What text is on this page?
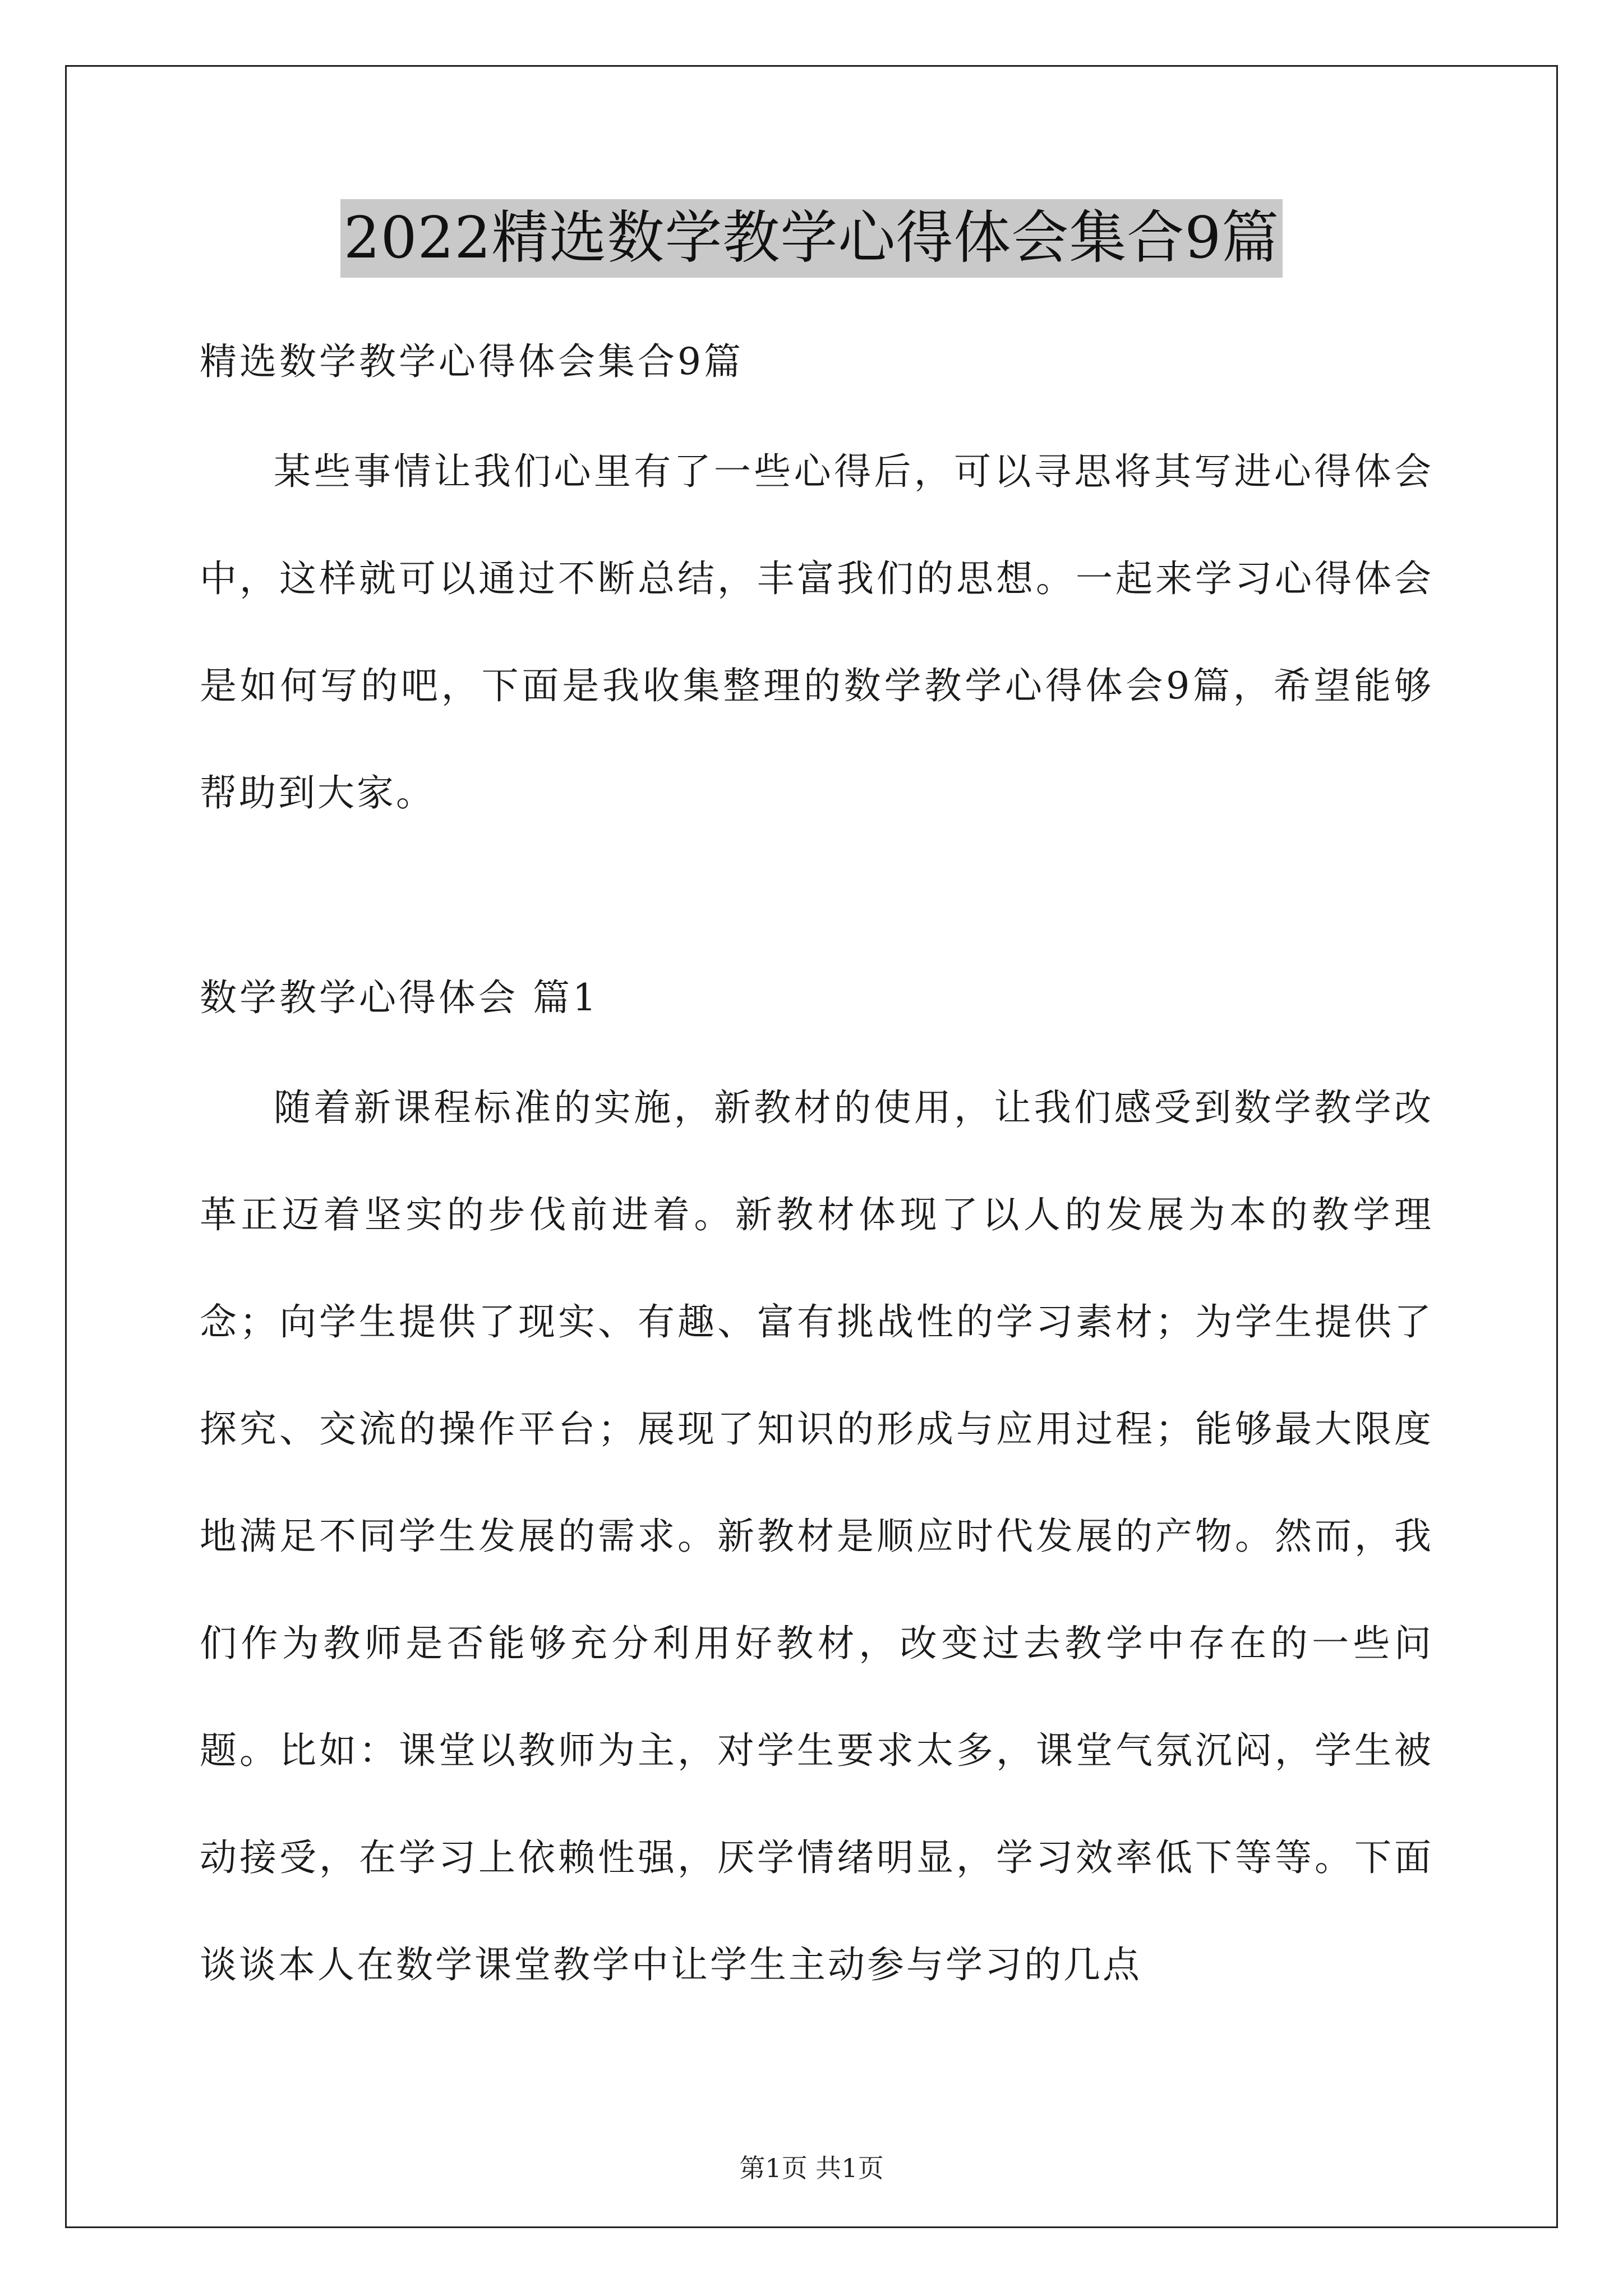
2022精选数学教学心得体会集合9篇
精选数学教学心得体会集合9篇

某些事情让我们心里有了一些心得后，可以寻思将其写进心得体会中，这样就可以通过不断总结，丰富我们的思想。一起来学习心得体会是如何写的吧，下面是我收集整理的数学教学心得体会9篇，希望能够帮助到大家。

数学教学心得体会 篇1

随着新课程标准的实施，新教材的使用，让我们感受到数学教学改革正迈着坚实的步伐前进着。新教材体现了以人的发展为本的教学理念；向学生提供了现实、有趣、富有挑战性的学习素材；为学生提供了探究、交流的操作平台；展现了知识的形成与应用过程；能够最大限度地满足不同学生发展的需求。新教材是顺应时代发展的产物。然而，我们作为教师是否能够充分利用好教材，改变过去教学中存在的一些问题。比如：课堂以教师为主，对学生要求太多，课堂气氛沉闷，学生被动接受，在学习上依赖性强，厌学情绪明显，学习效率低下等等。下面谈谈本人在数学课堂教学中让学生主动参与学习的几点

第1页 共1页
